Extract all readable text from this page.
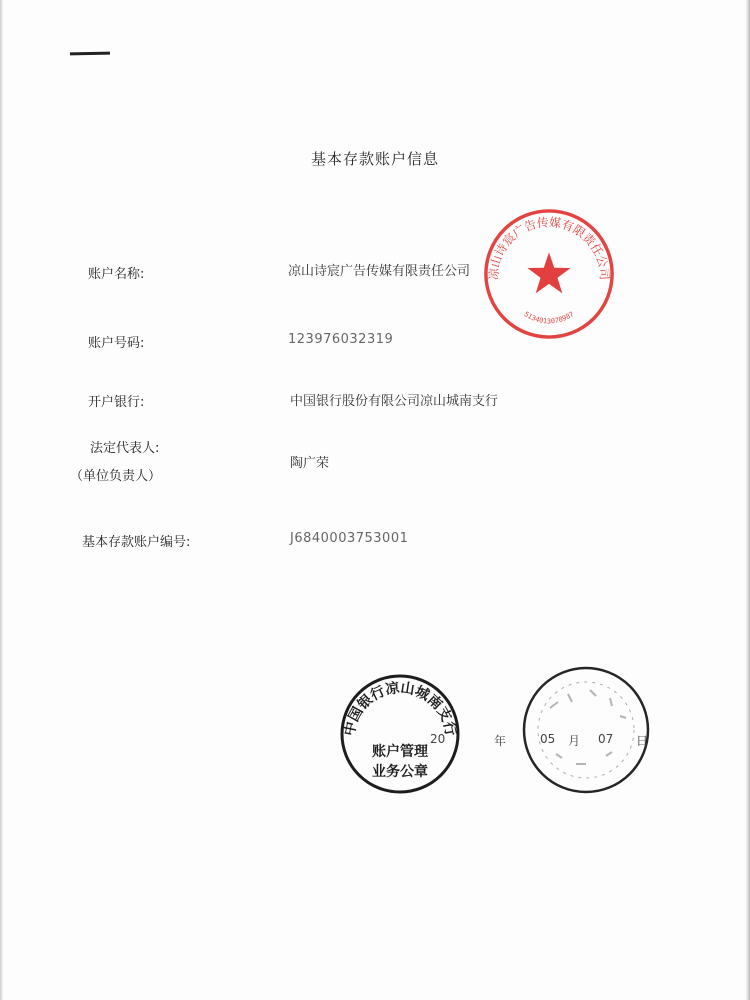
基本存款账户信息
账户名称:	凉山诗宸广告传媒有限责任公司
账户号码:	123976032319
开户银行:	中国银行股份有限公司凉山城南支行
法定代表人:
（单位负责人）
陶广荣
基本存款账户编号:	J6840003753001
凉山诗宸广告传媒有限责任公司
5134013078987
中国银行凉山城南支行
账户管理
业务公章
20	年	05 月 07 日
